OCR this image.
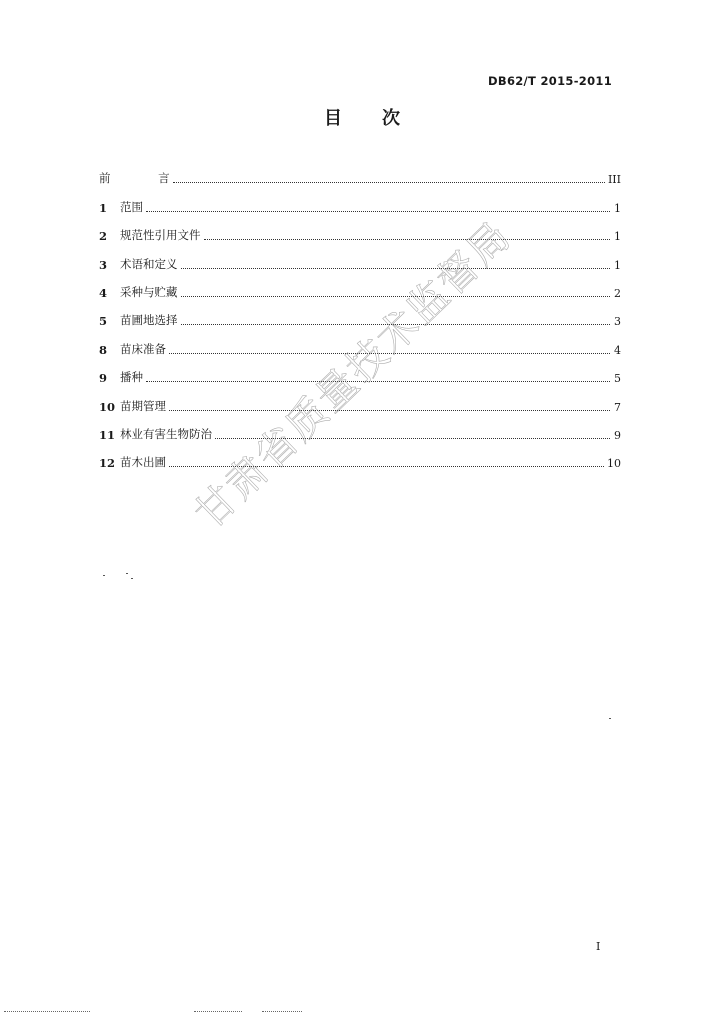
DB62/T 2015-2011
目 次
前 言	III
1	范围	1
2	规范性引用文件	1
3	术语和定义	1
4	采种与贮藏	2
5	苗圃地选择	3
8	苗床准备	4
9	播种	5
10 苗期管理	7
11 林业有害生物防治	9
12 苗木出圃	10
甘肃省质量技术监督局
I
